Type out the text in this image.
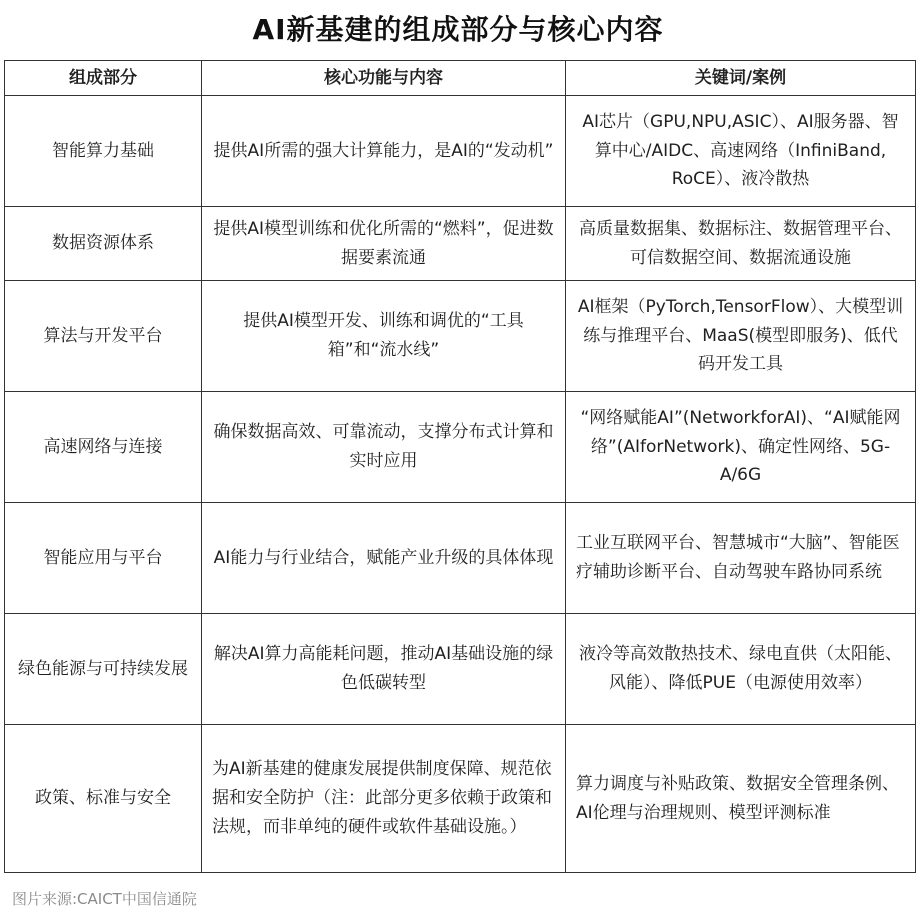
AI新基建的组成部分与核心内容
组成部分	核心功能与内容	关键词/案例
智能算力基础	提供AI所需的强大计算能力，是AI的“发动机”	AI芯片（GPU,NPU,ASIC）、AI服务器、智算中心/AIDC、高速网络（InfiniBand, RoCE）、液冷散热
数据资源体系	提供AI模型训练和优化所需的“燃料”，促进数据要素流通	高质量数据集、数据标注、数据管理平台、可信数据空间、数据流通设施
算法与开发平台	提供AI模型开发、训练和调优的“工具箱”和“流水线”	AI框架（PyTorch,TensorFlow）、大模型训练与推理平台、MaaS(模型即服务)、低代码开发工具
高速网络与连接	确保数据高效、可靠流动，支撑分布式计算和实时应用	“网络赋能AI”(NetworkforAI)、“AI赋能网络”(AIforNetwork)、确定性网络、5G-A/6G
智能应用与平台	AI能力与行业结合，赋能产业升级的具体体现	工业互联网平台、智慧城市“大脑”、智能医疗辅助诊断平台、自动驾驶车路协同系统
绿色能源与可持续发展	解决AI算力高能耗问题，推动AI基础设施的绿色低碳转型	液冷等高效散热技术、绿电直供（太阳能、风能）、降低PUE（电源使用效率）
政策、标准与安全	为AI新基建的健康发展提供制度保障、规范依据和安全防护（注：此部分更多依赖于政策和法规，而非单纯的硬件或软件基础设施。）	算力调度与补贴政策、数据安全管理条例、AI伦理与治理规则、模型评测标准
图片来源:CAICT中国信通院
